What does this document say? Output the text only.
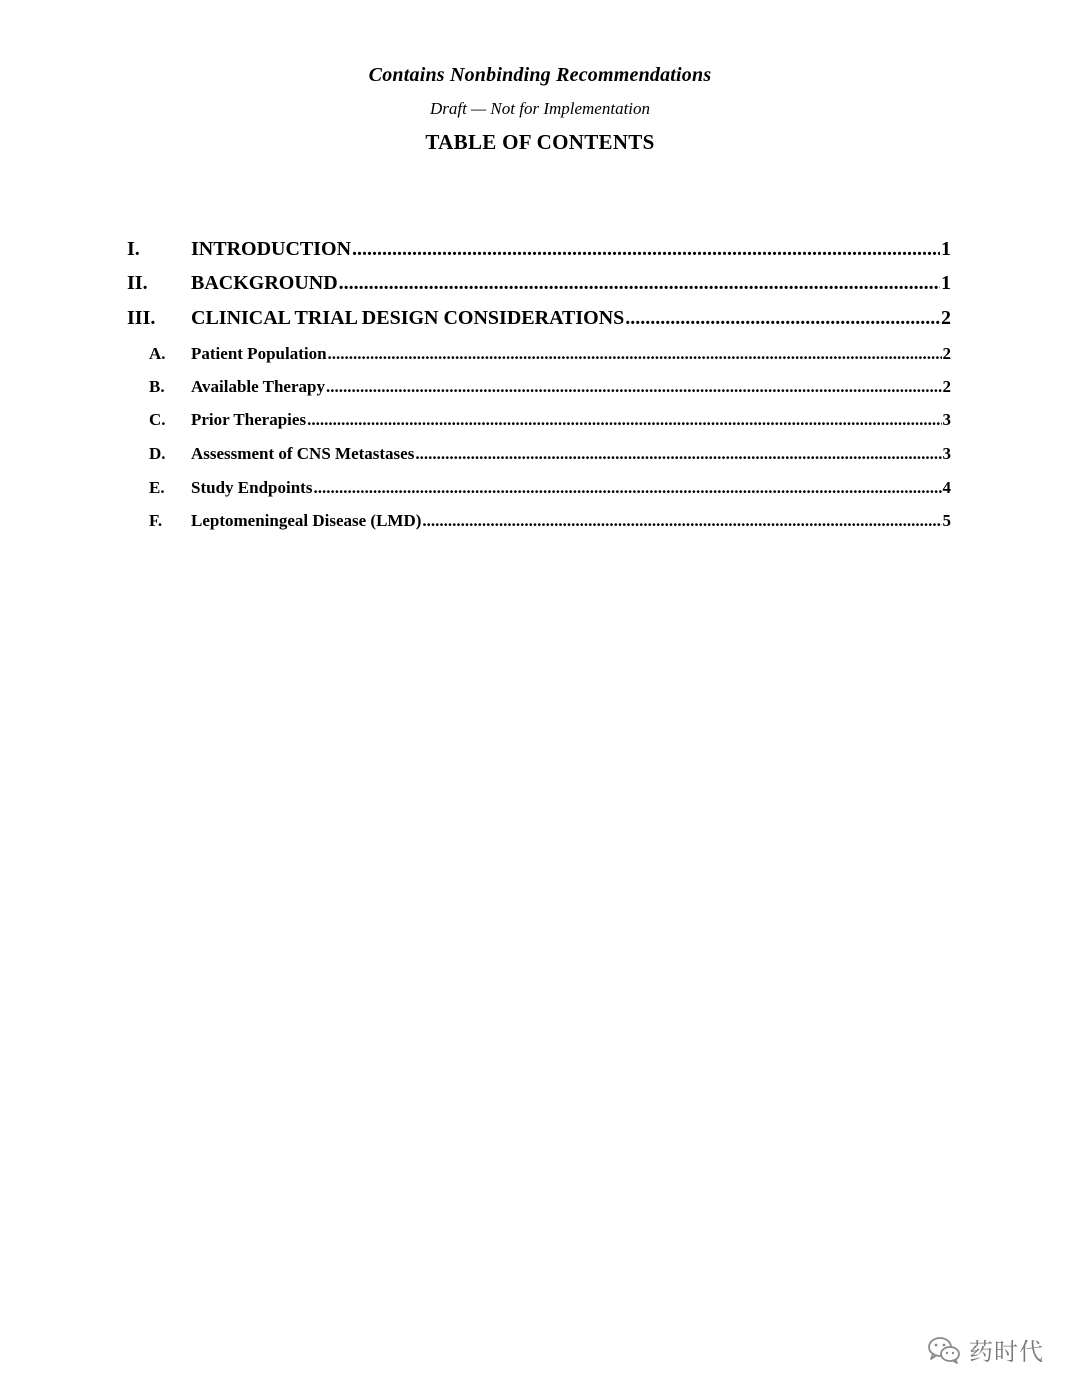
Contains Nonbinding Recommendations
Draft — Not for Implementation
TABLE OF CONTENTS
I.	INTRODUCTION .....	1
II. BACKGROUND .....	1
III. CLINICAL TRIAL DESIGN CONSIDERATIONS .....	2
A. Patient Population .....	2
B. Available Therapy .....	2
C. Prior Therapies .....	3
D. Assessment of CNS Metastases .....	3
E. Study Endpoints .....	4
F. Leptomeningeal Disease (LMD) .....	5
药时代
